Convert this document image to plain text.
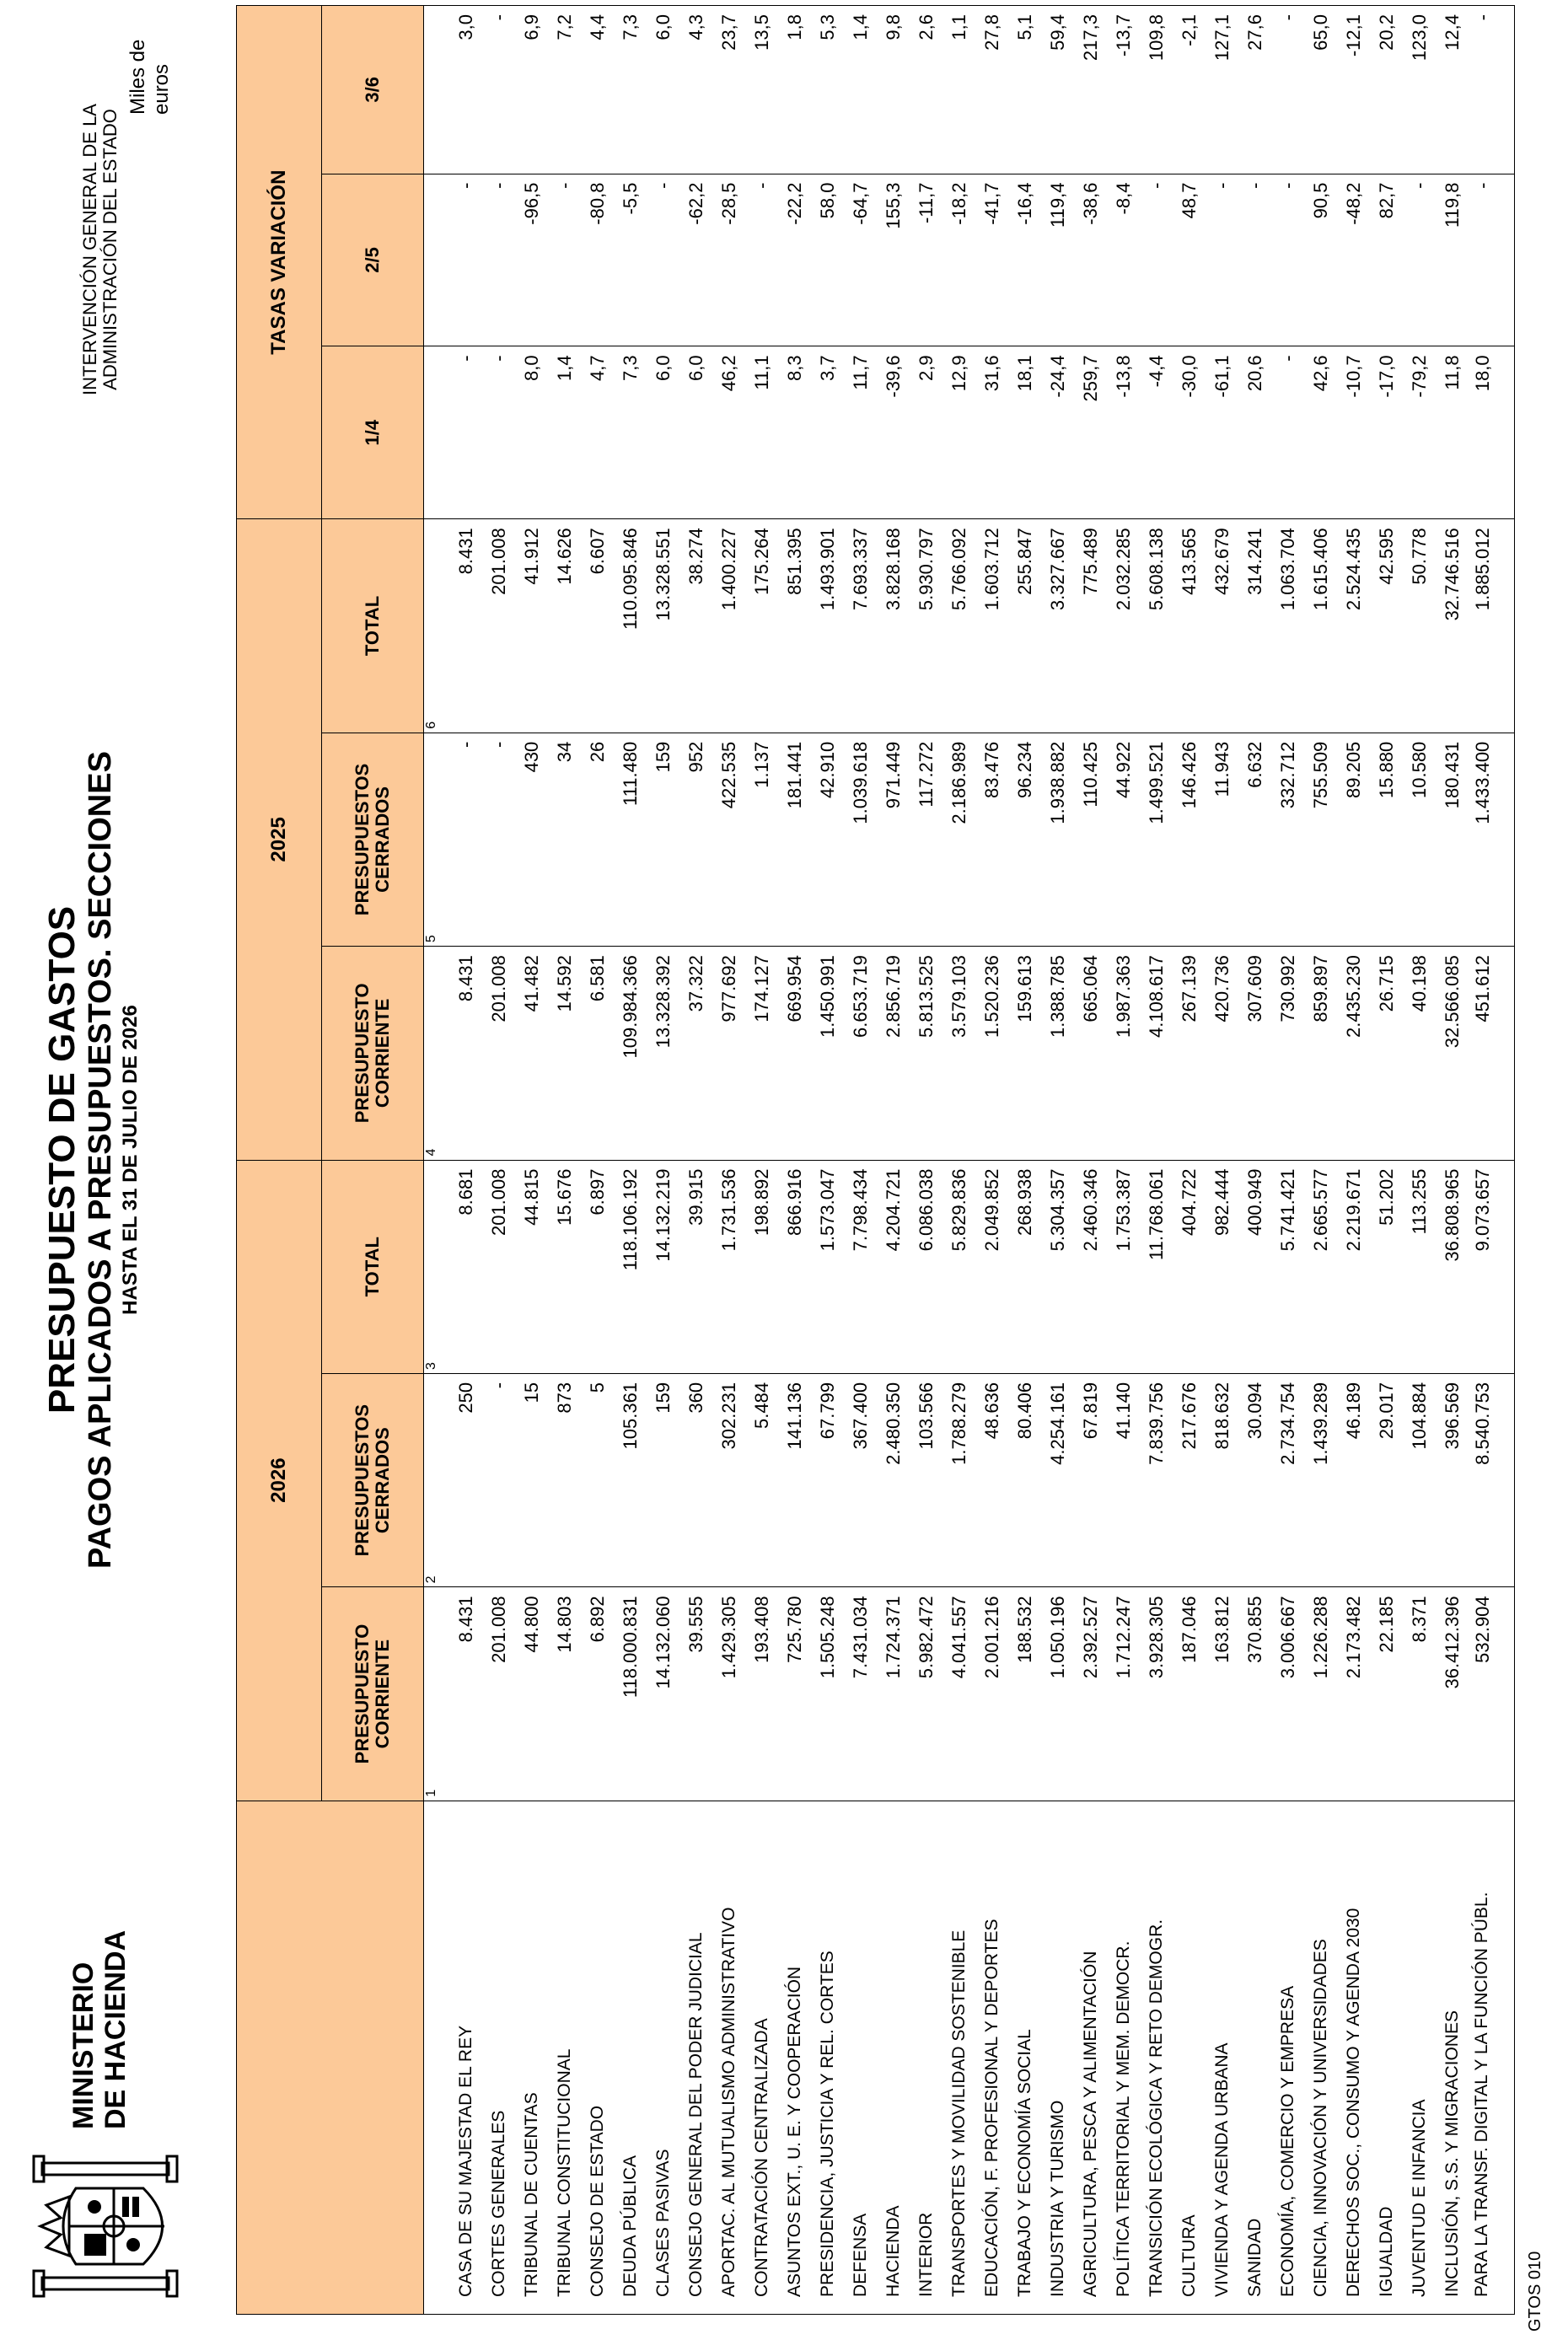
MINISTERIO DE HACIENDA
PRESUPUESTO DE GASTOS PAGOS APLICADOS A PRESUPUESTOS. SECCIONES HASTA EL 31 DE JULIO DE 2026
INTERVENCIÓN GENERAL DE LA ADMINISTRACIÓN DEL ESTADO
Miles de euros
	2026			2025			TASAS VARIACIÓN		
	PRESUPUESTO CORRIENTE	PRESUPUESTOS CERRADOS	TOTAL	PRESUPUESTO CORRIENTE	PRESUPUESTOS CERRADOS	TOTAL	1/4	2/5	3/6
	1	2	3	4	5	6			
CASA DE SU MAJESTAD EL REY	8.431	250	8.681	8.431	-	8.431	-	-	3,0
CORTES GENERALES	201.008	-	201.008	201.008	-	201.008	-	-	-
TRIBUNAL DE CUENTAS	44.800	15	44.815	41.482	430	41.912	8,0	-96,5	6,9
TRIBUNAL CONSTITUCIONAL	14.803	873	15.676	14.592	34	14.626	1,4	-	7,2
CONSEJO DE ESTADO	6.892	5	6.897	6.581	26	6.607	4,7	-80,8	4,4
DEUDA PÚBLICA	118.000.831	105.361	118.106.192	109.984.366	111.480	110.095.846	7,3	-5,5	7,3
CLASES PASIVAS	14.132.060	159	14.132.219	13.328.392	159	13.328.551	6,0	-	6,0
CONSEJO GENERAL DEL PODER JUDICIAL	39.555	360	39.915	37.322	952	38.274	6,0	-62,2	4,3
APORTAC. AL MUTUALISMO ADMINISTRATIVO	1.429.305	302.231	1.731.536	977.692	422.535	1.400.227	46,2	-28,5	23,7
CONTRATACIÓN CENTRALIZADA	193.408	5.484	198.892	174.127	1.137	175.264	11,1	-	13,5
ASUNTOS EXT., U. E. Y COOPERACIÓN	725.780	141.136	866.916	669.954	181.441	851.395	8,3	-22,2	1,8
PRESIDENCIA, JUSTICIA Y REL. CORTES	1.505.248	67.799	1.573.047	1.450.991	42.910	1.493.901	3,7	58,0	5,3
DEFENSA	7.431.034	367.400	7.798.434	6.653.719	1.039.618	7.693.337	11,7	-64,7	1,4
HACIENDA	1.724.371	2.480.350	4.204.721	2.856.719	971.449	3.828.168	-39,6	155,3	9,8
INTERIOR	5.982.472	103.566	6.086.038	5.813.525	117.272	5.930.797	2,9	-11,7	2,6
TRANSPORTES Y MOVILIDAD SOSTENIBLE	4.041.557	1.788.279	5.829.836	3.579.103	2.186.989	5.766.092	12,9	-18,2	1,1
EDUCACIÓN, F. PROFESIONAL Y DEPORTES	2.001.216	48.636	2.049.852	1.520.236	83.476	1.603.712	31,6	-41,7	27,8
TRABAJO Y ECONOMÍA SOCIAL	188.532	80.406	268.938	159.613	96.234	255.847	18,1	-16,4	5,1
INDUSTRIA Y TURISMO	1.050.196	4.254.161	5.304.357	1.388.785	1.938.882	3.327.667	-24,4	119,4	59,4
AGRICULTURA, PESCA Y ALIMENTACIÓN	2.392.527	67.819	2.460.346	665.064	110.425	775.489	259,7	-38,6	217,3
POLÍTICA TERRITORIAL Y MEM. DEMOCR.	1.712.247	41.140	1.753.387	1.987.363	44.922	2.032.285	-13,8	-8,4	-13,7
TRANSICIÓN ECOLÓGICA Y RETO DEMOGR.	3.928.305	7.839.756	11.768.061	4.108.617	1.499.521	5.608.138	-4,4	-	109,8
CULTURA	187.046	217.676	404.722	267.139	146.426	413.565	-30,0	48,7	-2,1
VIVIENDA Y AGENDA URBANA	163.812	818.632	982.444	420.736	11.943	432.679	-61,1	-	127,1
SANIDAD	370.855	30.094	400.949	307.609	6.632	314.241	20,6	-	27,6
ECONOMÍA, COMERCIO Y EMPRESA	3.006.667	2.734.754	5.741.421	730.992	332.712	1.063.704	-	-	-
CIENCIA, INNOVACIÓN Y UNIVERSIDADES	1.226.288	1.439.289	2.665.577	859.897	755.509	1.615.406	42,6	90,5	65,0
DERECHOS SOC., CONSUMO Y AGENDA 2030	2.173.482	46.189	2.219.671	2.435.230	89.205	2.524.435	-10,7	-48,2	-12,1
IGUALDAD	22.185	29.017	51.202	26.715	15.880	42.595	-17,0	82,7	20,2
JUVENTUD E INFANCIA	8.371	104.884	113.255	40.198	10.580	50.778	-79,2	-	123,0
INCLUSIÓN, S.S. Y MIGRACIONES	36.412.396	396.569	36.808.965	32.566.085	180.431	32.746.516	11,8	119,8	12,4
PARA LA TRANSF. DIGITAL Y LA FUNCIÓN PÚBL.	532.904	8.540.753	9.073.657	451.612	1.433.400	1.885.012	18,0	-	-
GTOS 010
